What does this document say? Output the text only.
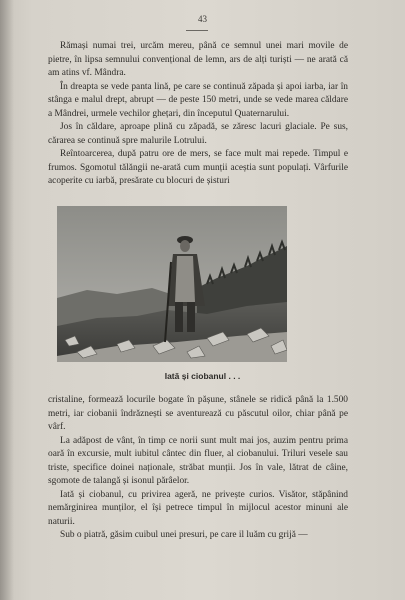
43

Rămași numai trei, urcăm mereu, până ce semnul unei mari movile de pietre, în lipsa semnului convențional de lemn, ars de alți turiști — ne arată că am atins vf. Mândra.

În dreapta se vede panta lină, pe care se continuă zăpada și apoi iarba, iar în stânga e malul drept, abrupt — de peste 150 metri, unde se vede marea căldare a Mândrei, urmele vechilor ghețari, din începutul Quaternarului.

Jos în căldare, aproape plină cu zăpadă, se zăresc lacuri glaciale. Pe sus, cărarea se continuă spre malurile Lotrului.

Reîntoarcerea, după patru ore de mers, se face mult mai repede. Timpul e frumos. Sgomotul tălăngii ne-arată cum munții aceștia sunt populați. Vârfurile acoperite cu iarbă, presărate cu blocuri de șisturi

Iată și ciobanul . . .

cristaline, formează locurile bogate în pășune, stânele se ridică până la 1.500 metri, iar ciobanii îndrăznești se aventurează cu păscutul oilor, chiar până pe vârf.

La adăpost de vânt, în timp ce norii sunt mult mai jos, auzim pentru prima oară în excursie, mult iubitul cântec din fluer, al ciobanului. Triluri vesele sau triste, specifice doinei naționale, străbat munții. Jos în vale, lătrat de câine, sgomote de talangă și isonul părâelor.

Iată și ciobanul, cu privirea ageră, ne privește curios. Visător, stăpânind nemărginirea munților, el își petrece timpul în mijlocul acestor minuni ale naturii.

Sub o piatră, găsim cuibul unei presuri, pe care il luăm cu grijă —
